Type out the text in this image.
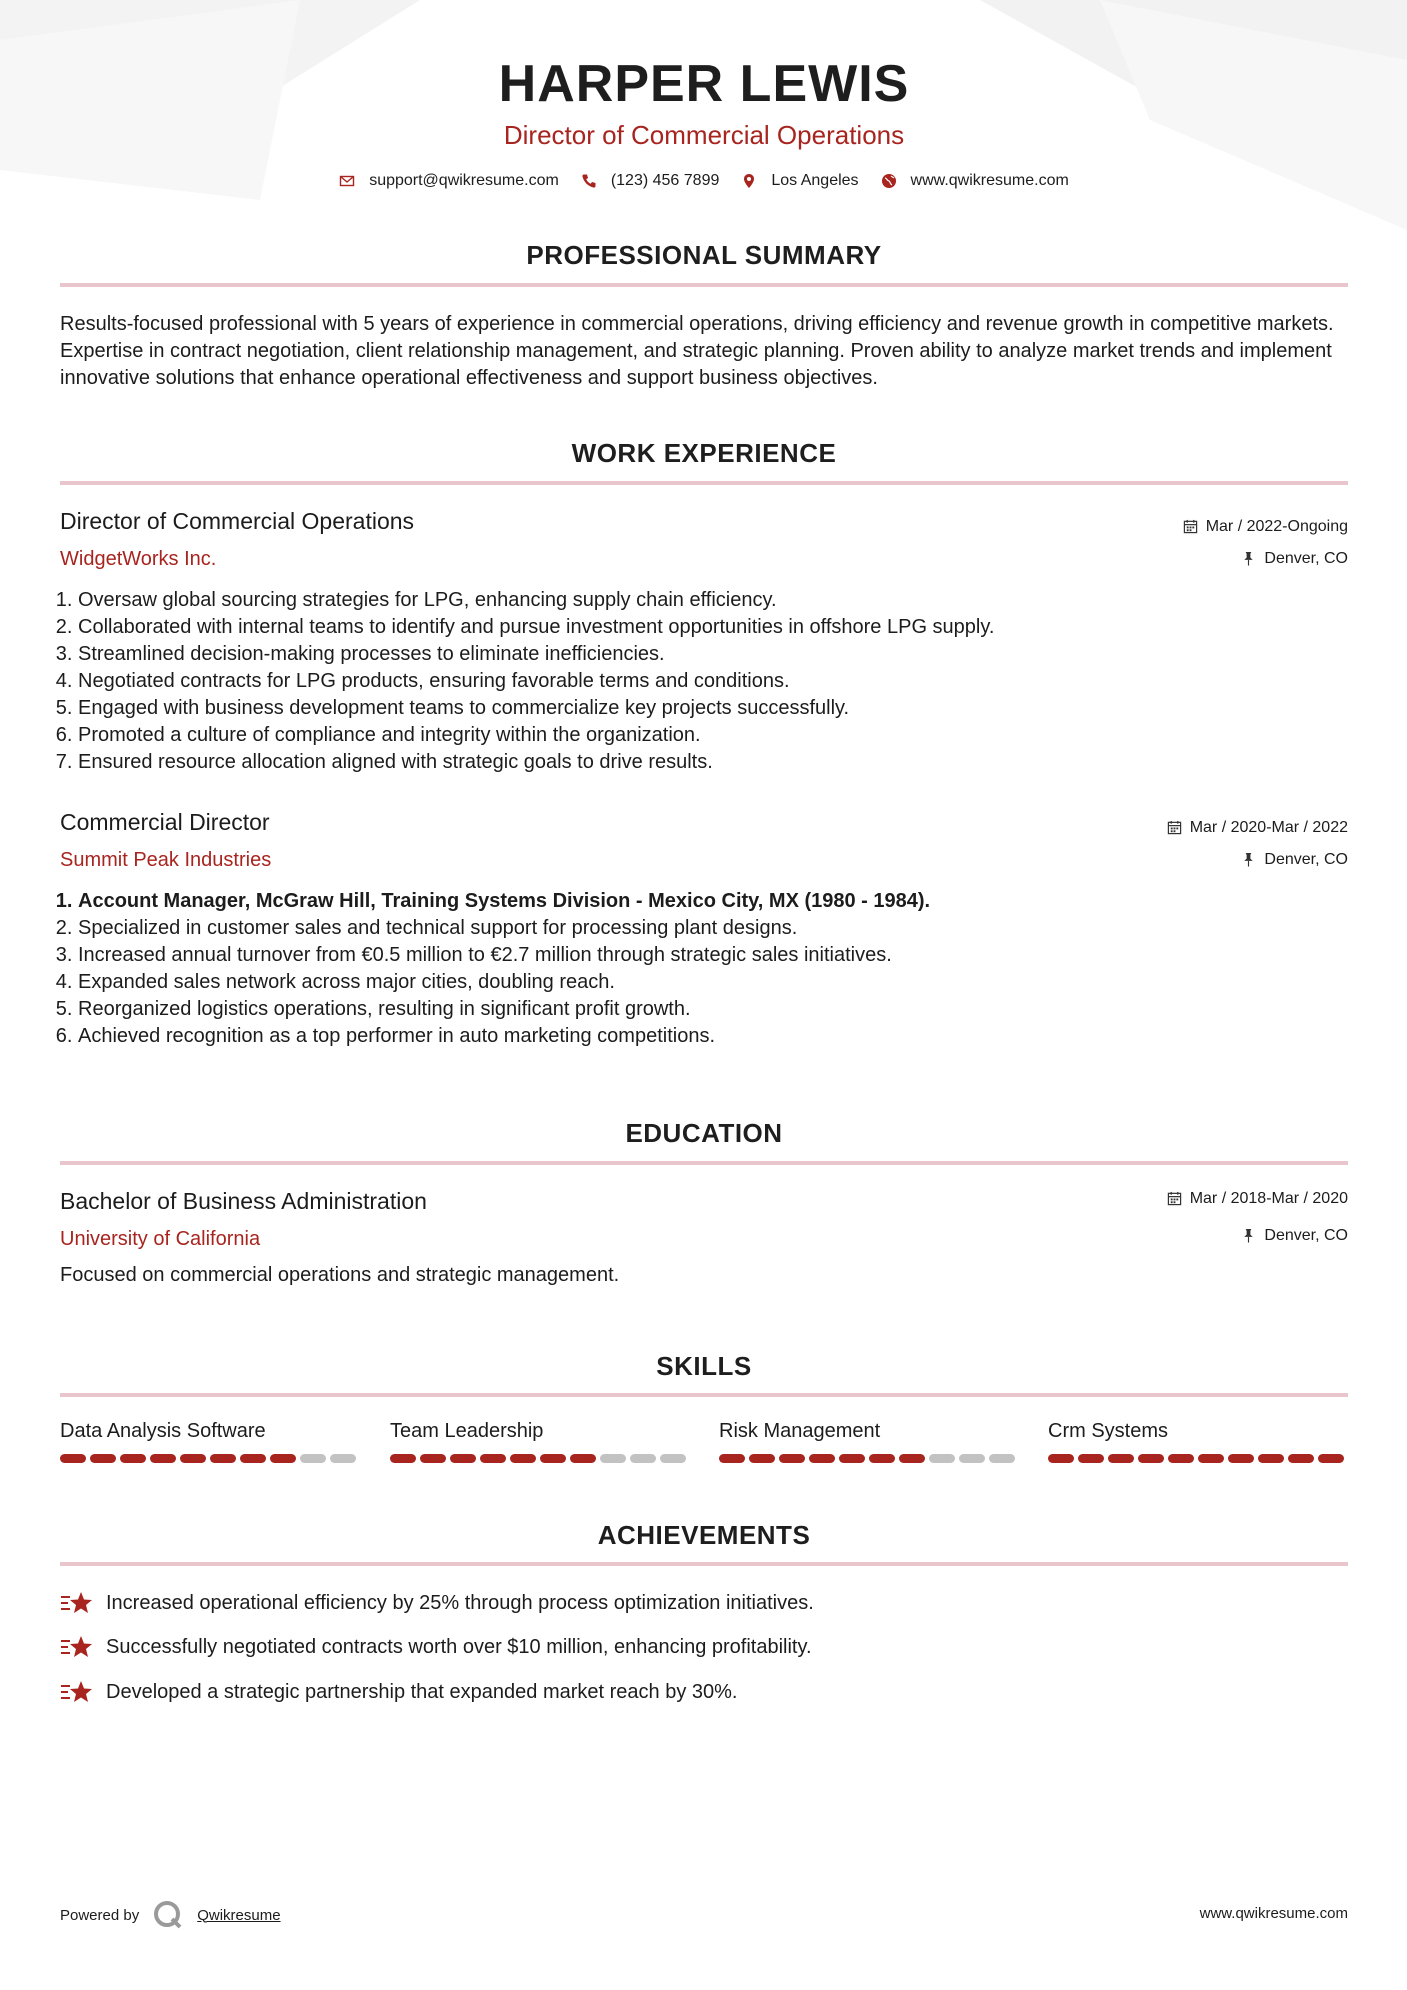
HARPER LEWIS
Director of Commercial Operations
support@qwikresume.com	(123) 456 7899	Los Angeles	www.qwikresume.com
PROFESSIONAL SUMMARY

Results-focused professional with 5 years of experience in commercial operations, driving efficiency and revenue growth in competitive markets. Expertise in contract negotiation, client relationship management, and strategic planning. Proven ability to analyze market trends and implement innovative solutions that enhance operational effectiveness and support business objectives.

WORK EXPERIENCE
Director of Commercial Operations	Mar / 2022-Ongoing
WidgetWorks Inc.	Denver, CO
1. Oversaw global sourcing strategies for LPG, enhancing supply chain efficiency.
2. Collaborated with internal teams to identify and pursue investment opportunities in offshore LPG supply.
3. Streamlined decision-making processes to eliminate inefficiencies.
4. Negotiated contracts for LPG products, ensuring favorable terms and conditions.
5. Engaged with business development teams to commercialize key projects successfully.
6. Promoted a culture of compliance and integrity within the organization.
7. Ensured resource allocation aligned with strategic goals to drive results.
Commercial Director	Mar / 2020-Mar / 2022
Summit Peak Industries	Denver, CO
1. Account Manager, McGraw Hill, Training Systems Division - Mexico City, MX (1980 - 1984).
2. Specialized in customer sales and technical support for processing plant designs.
3. Increased annual turnover from €0.5 million to €2.7 million through strategic sales initiatives.
4. Expanded sales network across major cities, doubling reach.
5. Reorganized logistics operations, resulting in significant profit growth.
6. Achieved recognition as a top performer in auto marketing competitions.
EDUCATION
Bachelor of Business Administration	Mar / 2018-Mar / 2020
University of California	Denver, CO

Focused on commercial operations and strategic management.

SKILLS
Data Analysis Software	Team Leadership	Risk Management	Crm Systems
ACHIEVEMENTS
Increased operational efficiency by 25% through process optimization initiatives.
Successfully negotiated contracts worth over $10 million, enhancing profitability.
Developed a strategic partnership that expanded market reach by 30%.
Powered by	Qwikresume	www.qwikresume.com
